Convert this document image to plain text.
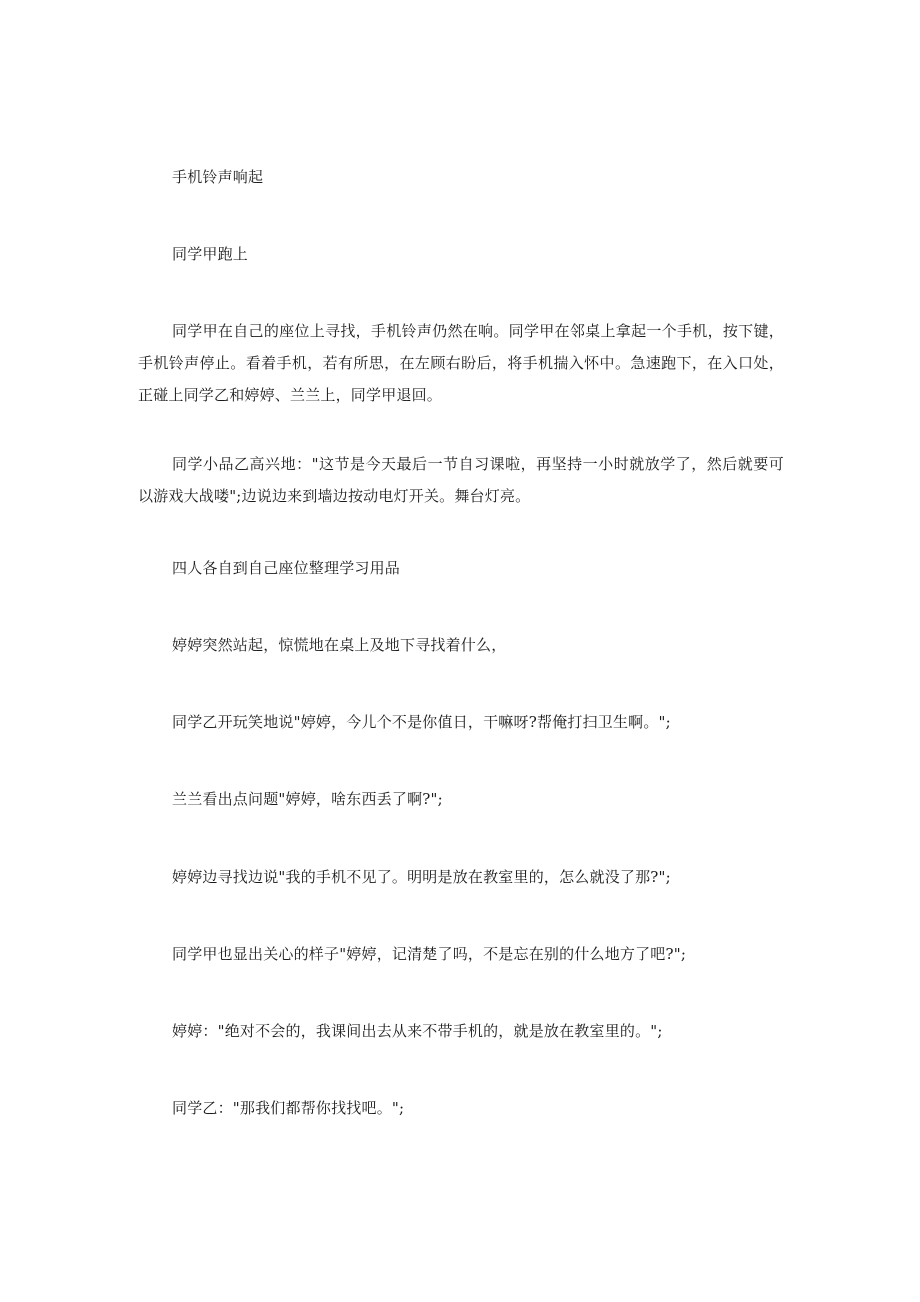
手机铃声响起

同学甲跑上

同学甲在自己的座位上寻找，手机铃声仍然在响。同学甲在邻桌上拿起一个手机，按下键，手机铃声停止。看着手机，若有所思，在左顾右盼后，将手机揣入怀中。急速跑下，在入口处，正碰上同学乙和婷婷、兰兰上，同学甲退回。

同学小品乙高兴地："这节是今天最后一节自习课啦，再坚持一小时就放学了，然后就要可以游戏大战喽";边说边来到墙边按动电灯开关。舞台灯亮。

四人各自到自己座位整理学习用品

婷婷突然站起，惊慌地在桌上及地下寻找着什么，

同学乙开玩笑地说"婷婷，今儿个不是你值日，干嘛呀?帮俺打扫卫生啊。";

兰兰看出点问题"婷婷，啥东西丢了啊?";

婷婷边寻找边说"我的手机不见了。明明是放在教室里的，怎么就没了那?";

同学甲也显出关心的样子"婷婷，记清楚了吗，不是忘在别的什么地方了吧?";

婷婷："绝对不会的，我课间出去从来不带手机的，就是放在教室里的。";

同学乙："那我们都帮你找找吧。";
